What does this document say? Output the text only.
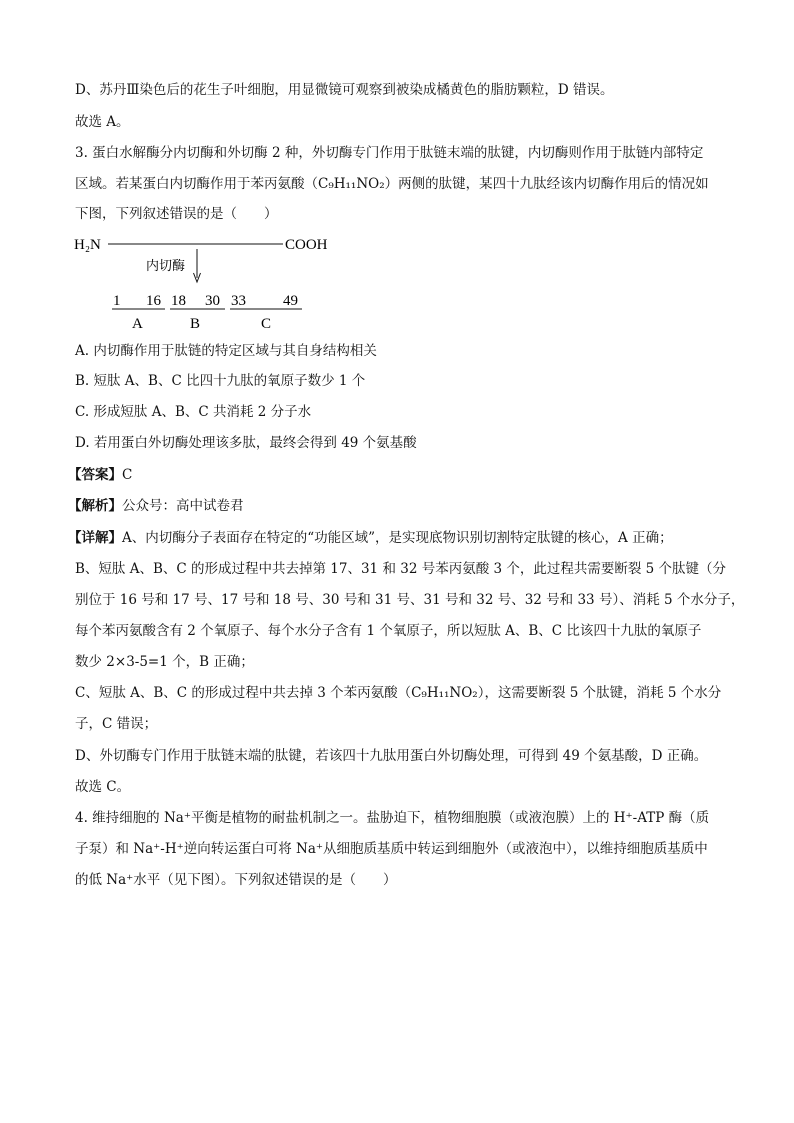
D、苏丹Ⅲ染色后的花生子叶细胞，用显微镜可观察到被染成橘黄色的脂肪颗粒，D 错误。
故选 A。
3. 蛋白水解酶分内切酶和外切酶 2 种，外切酶专门作用于肽链末端的肽键，内切酶则作用于肽链内部特定
区域。若某蛋白内切酶作用于苯丙氨酸（C₉H₁₁NO₂）两侧的肽键，某四十九肽经该内切酶作用后的情况如
下图，下列叙述错误的是（　　）
H₂N	COOH
内切酶
1 16
A
18 30
B
33 49
C
A. 内切酶作用于肽链的特定区域与其自身结构相关
B. 短肽 A、B、C 比四十九肽的氧原子数少 1 个
C. 形成短肽 A、B、C 共消耗 2 分子水
D. 若用蛋白外切酶处理该多肽，最终会得到 49 个氨基酸
【答案】C
【解析】公众号：高中试卷君
【详解】A、内切酶分子表面存在特定的“功能区域”，是实现底物识别切割特定肽键的核心，A 正确；
B、短肽 A、B、C 的形成过程中共去掉第 17、31 和 32 号苯丙氨酸 3 个，此过程共需要断裂 5 个肽键（分
别位于 16 号和 17 号、17 号和 18 号、30 号和 31 号、31 号和 32 号、32 号和 33 号）、消耗 5 个水分子，
每个苯丙氨酸含有 2 个氧原子、每个水分子含有 1 个氧原子，所以短肽 A、B、C 比该四十九肽的氧原子
数少 2×3-5=1 个，B 正确；
C、短肽 A、B、C 的形成过程中共去掉 3 个苯丙氨酸（C₉H₁₁NO₂），这需要断裂 5 个肽键，消耗 5 个水分
子，C 错误；
D、外切酶专门作用于肽链末端的肽键，若该四十九肽用蛋白外切酶处理，可得到 49 个氨基酸，D 正确。
故选 C。
4. 维持细胞的 Na⁺平衡是植物的耐盐机制之一。盐胁迫下，植物细胞膜（或液泡膜）上的 H⁺-ATP 酶（质
子泵）和 Na⁺-H⁺逆向转运蛋白可将 Na⁺从细胞质基质中转运到细胞外（或液泡中），以维持细胞质基质中
的低 Na⁺水平（见下图）。下列叙述错误的是（　　）
